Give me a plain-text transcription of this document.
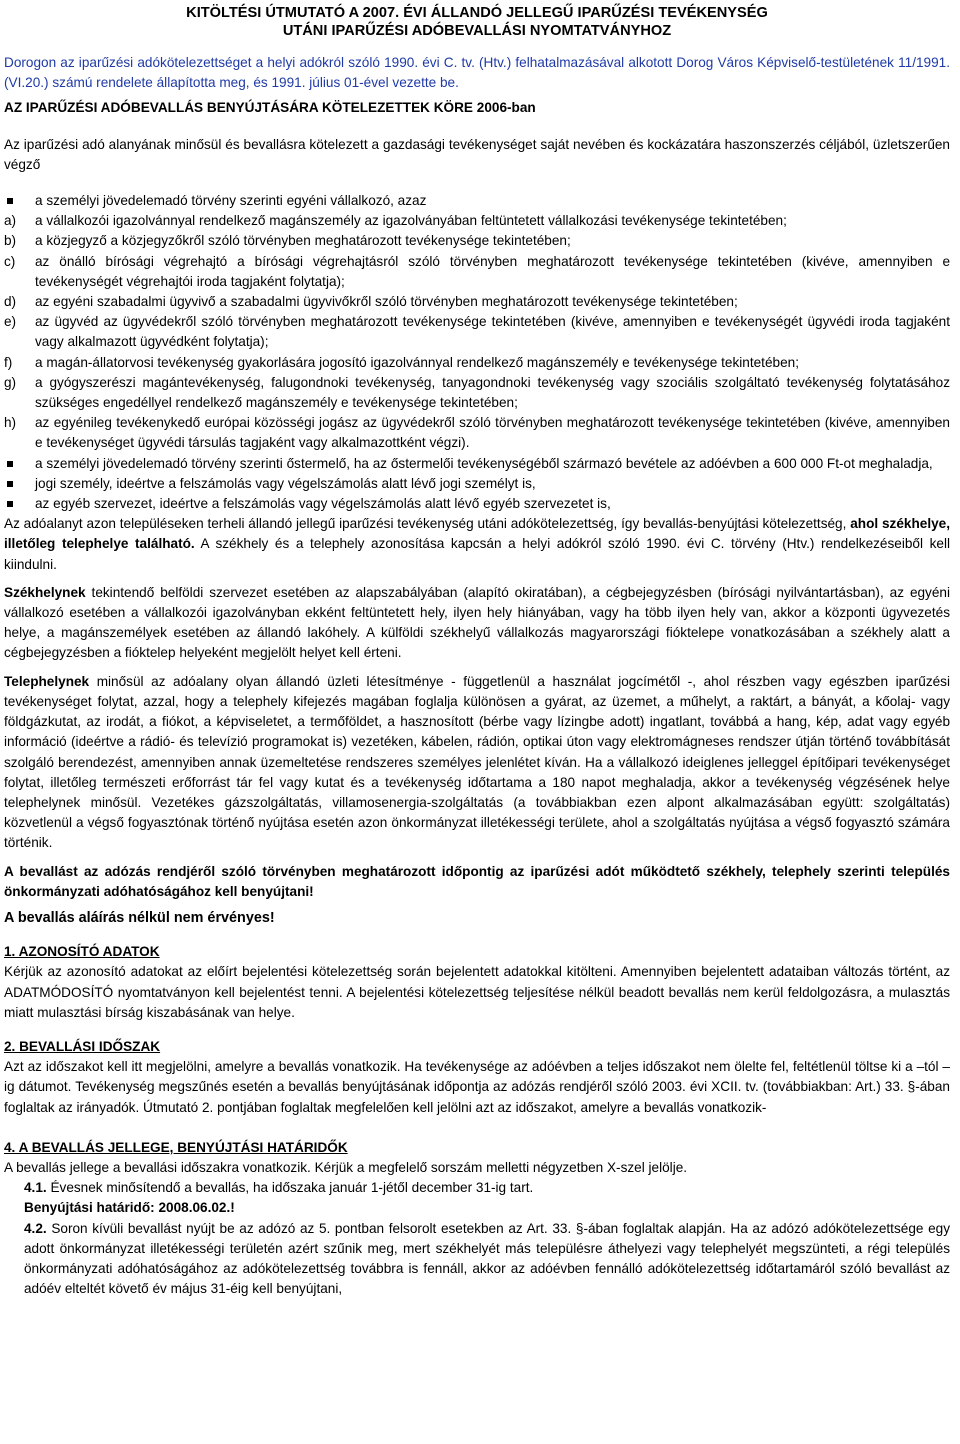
KITÖLTÉSI ÚTMUTATÓ A 2007. ÉVI ÁLLANDÓ JELLEGŰ IPARŰZÉSI TEVÉKENYSÉG
UTÁNI IPARŰZÉSI ADÓBEVALLÁSI NYOMTATVÁNYHOZ

Dorogon az iparűzési adókötelezettséget a helyi adókról szóló 1990. évi C. tv. (Htv.) felhatalmazásával alkotott Dorog Város Képviselő-testületének 11/1991.(VI.20.) számú rendelete állapította meg, és 1991. július 01-ével vezette be.

AZ IPARŰZÉSI ADÓBEVALLÁS BENYÚJTÁSÁRA KÖTELEZETTEK KÖRE 2006-ban

Az iparűzési adó alanyának minősül és bevallásra kötelezett a gazdasági tevékenységet saját nevében és kockázatára haszonszerzés céljából, üzletszerűen végző

a személyi jövedelemadó törvény szerinti egyéni vállalkozó, azaz
a) a vállalkozói igazolvánnyal rendelkező magánszemély az igazolványában feltüntetett vállalkozási tevékenysége tekintetében;
b) a közjegyző a közjegyzőkről szóló törvényben meghatározott tevékenysége tekintetében;
c) az önálló bírósági végrehajtó a bírósági végrehajtásról szóló törvényben meghatározott tevékenysége tekintetében (kivéve, amennyiben e tevékenységét végrehajtói iroda tagjaként folytatja);
d) az egyéni szabadalmi ügyvivő a szabadalmi ügyvivőkről szóló törvényben meghatározott tevékenysége tekintetében;
e) az ügyvéd az ügyvédekről szóló törvényben meghatározott tevékenysége tekintetében (kivéve, amennyiben e tevékenységét ügyvédi iroda tagjaként vagy alkalmazott ügyvédként folytatja);
f) a magán-állatorvosi tevékenység gyakorlására jogosító igazolvánnyal rendelkező magánszemély e tevékenysége tekintetében;
g) a gyógyszerészi magántevékenység, falugondnoki tevékenység, tanyagondnoki tevékenység vagy szociális szolgáltató tevékenység folytatásához szükséges engedéllyel rendelkező magánszemély e tevékenysége tekintetében;
h) az egyénileg tevékenykedő európai közösségi jogász az ügyvédekről szóló törvényben meghatározott tevékenysége tekintetében (kivéve, amennyiben e tevékenységet ügyvédi társulás tagjaként vagy alkalmazottként végzi).
a személyi jövedelemadó törvény szerinti őstermelő, ha az őstermelői tevékenységéből származó bevétele az adóévben a 600 000 Ft-ot meghaladja,
jogi személy, ideértve a felszámolás vagy végelszámolás alatt lévő jogi személyt is,
az egyéb szervezet, ideértve a felszámolás vagy végelszámolás alatt lévő egyéb szervezetet is,

Az adóalanyt azon településeken terheli állandó jellegű iparűzési tevékenység utáni adókötelezettség, így bevallás-benyújtási kötelezettség, ahol székhelye, illetőleg telephelye található. A székhely és a telephely azonosítása kapcsán a helyi adókról szóló 1990. évi C. törvény (Htv.) rendelkezéseiből kell kiindulni.

Székhelynek tekintendő belföldi szervezet esetében az alapszabályában (alapító okiratában), a cégbejegyzésben (bírósági nyilvántartásban), az egyéni vállalkozó esetében a vállalkozói igazolványban ekként feltüntetett hely, ilyen hely hiányában, vagy ha több ilyen hely van, akkor a központi ügyvezetés helye, a magánszemélyek esetében az állandó lakóhely. A külföldi székhelyű vállalkozás magyarországi fióktelepe vonatkozásában a székhely alatt a cégbejegyzésben a fióktelep helyeként megjelölt helyet kell érteni.

Telephelynek minősül az adóalany olyan állandó üzleti létesítménye - függetlenül a használat jogcímétől -, ahol részben vagy egészben iparűzési tevékenységet folytat, azzal, hogy a telephely kifejezés magában foglalja különösen a gyárat, az üzemet, a műhelyt, a raktárt, a bányát, a kőolaj- vagy földgázkutat, az irodát, a fiókot, a képviseletet, a termőföldet, a hasznosított (bérbe vagy lízingbe adott) ingatlant, továbbá a hang, kép, adat vagy egyéb információ (ideértve a rádió- és televízió programokat is) vezetéken, kábelen, rádión, optikai úton vagy elektromágneses rendszer útján történő továbbítását szolgáló berendezést, amennyiben annak üzemeltetése rendszeres személyes jelenlétet kíván. Ha a vállalkozó ideiglenes jelleggel építőipari tevékenységet folytat, illetőleg természeti erőforrást tár fel vagy kutat és a tevékenység időtartama a 180 napot meghaladja, akkor a tevékenység végzésének helye telephelynek minősül. Vezetékes gázszolgáltatás, villamosenergia-szolgáltatás (a továbbiakban ezen alpont alkalmazásában együtt: szolgáltatás) közvetlenül a végső fogyasztónak történő nyújtása esetén azon önkormányzat illetékességi területe, ahol a szolgáltatás nyújtása a végső fogyasztó számára történik.

A bevallást az adózás rendjéről szóló törvényben meghatározott időpontig az iparűzési adót működtető székhely, telephely szerinti település önkormányzati adóhatóságához kell benyújtani!

A bevallás aláírás nélkül nem érvényes!

1. AZONOSÍTÓ ADATOK

Kérjük az azonosító adatokat az előírt bejelentési kötelezettség során bejelentett adatokkal kitölteni. Amennyiben bejelentett adataiban változás történt, az ADATMÓDOSÍTÓ nyomtatványon kell bejelentést tenni. A bejelentési kötelezettség teljesítése nélkül beadott bevallás nem kerül feldolgozásra, a mulasztás miatt mulasztási bírság kiszabásának van helye.

2. BEVALLÁSI IDŐSZAK

Azt az időszakot kell itt megjelölni, amelyre a bevallás vonatkozik. Ha tevékenysége az adóévben a teljes időszakot nem ölelte fel, feltétlenül töltse ki a –tól –ig dátumot. Tevékenység megszűnés esetén a bevallás benyújtásának időpontja az adózás rendjéről szóló 2003. évi XCII. tv. (továbbiakban: Art.) 33. §-ában foglaltak az irányadók. Útmutató 2. pontjában foglaltak megfelelően kell jelölni azt az időszakot, amelyre a bevallás vonatkozik-

4. A BEVALLÁS JELLEGE, BENYÚJTÁSI HATÁRIDŐK

A bevallás jellege a bevallási időszakra vonatkozik. Kérjük a megfelelő sorszám melletti négyzetben X-szel jelölje.

4.1. Évesnek minősítendő a bevallás, ha időszaka január 1-jétől december 31-ig tart.

Benyújtási határidő: 2008.06.02.!

4.2. Soron kívüli bevallást nyújt be az adózó az 5. pontban felsorolt esetekben az Art. 33. §-ában foglaltak alapján. Ha az adózó adókötelezettsége egy adott önkormányzat illetékességi területén azért szűnik meg, mert székhelyét más településre áthelyezi vagy telephelyét megszünteti, a régi település önkormányzati adóhatóságához az adókötelezettség továbbra is fennáll, akkor az adóévben fennálló adókötelezettség időtartamáról szóló bevallást az adóév elteltét követő év május 31-éig kell benyújtani,
